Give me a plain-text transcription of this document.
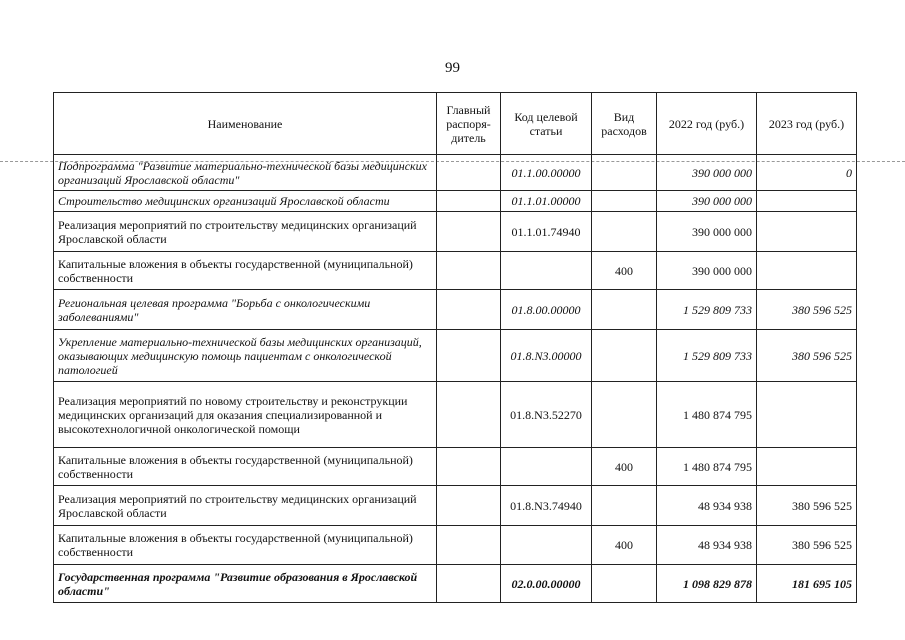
99
Наименование	Главный распоря-дитель	Код целевой статьи	Вид расходов	2022 год (руб.)	2023 год (руб.)
Подпрограмма "Развитие материально-технической базы медицинских организаций Ярославской области"		01.1.00.00000		390 000 000	0
Строительство медицинских организаций Ярославской области		01.1.01.00000		390 000 000	
Реализация мероприятий по строительству медицинских организаций Ярославской области		01.1.01.74940		390 000 000	
Капитальные вложения в объекты государственной (муниципальной) собственности			400	390 000 000	
Региональная целевая программа "Борьба с онкологическими заболеваниями"		01.8.00.00000		1 529 809 733	380 596 525
Укрепление материально-технической базы медицинских организаций, оказывающих медицинскую помощь пациентам с онкологической патологией		01.8.N3.00000		1 529 809 733	380 596 525
Реализация мероприятий по новому строительству и реконструкции медицинских организаций для оказания специализированной и высокотехнологичной онкологической помощи		01.8.N3.52270		1 480 874 795	
Капитальные вложения в объекты государственной (муниципальной) собственности			400	1 480 874 795	
Реализация мероприятий по строительству медицинских организаций Ярославской области		01.8.N3.74940		48 934 938	380 596 525
Капитальные вложения в объекты государственной (муниципальной) собственности			400	48 934 938	380 596 525
Государственная программа "Развитие образования в Ярославской области"		02.0.00.00000		1 098 829 878	181 695 105
